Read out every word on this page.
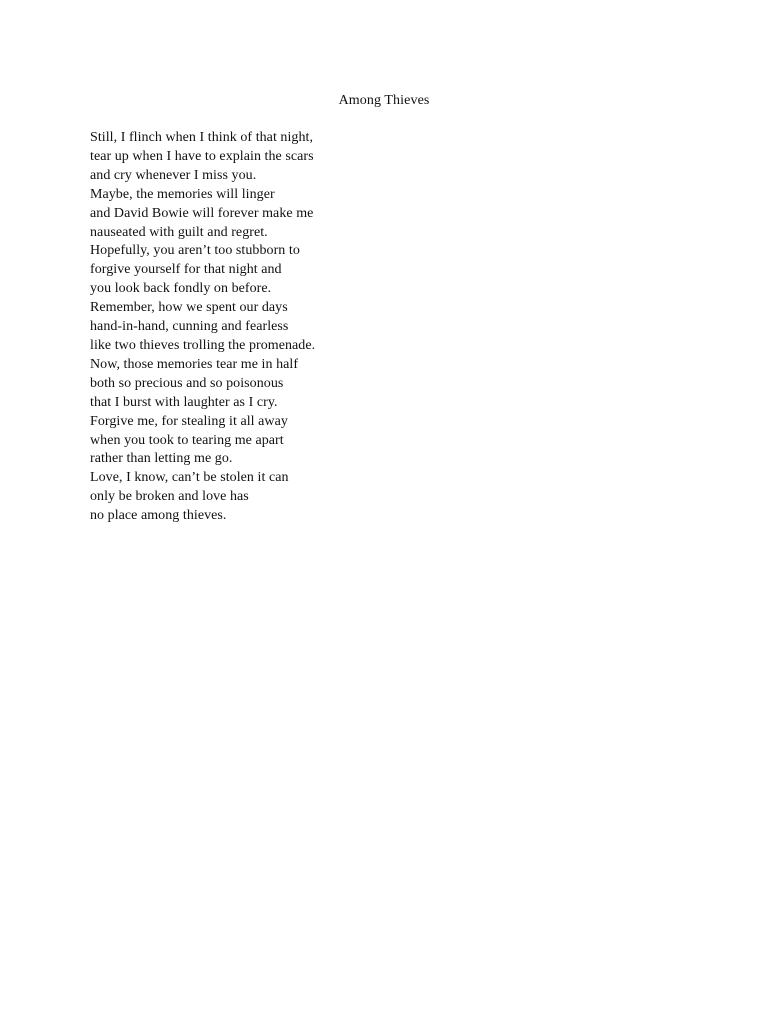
Among Thieves
Still, I flinch when I think of that night,
tear up when I have to explain the scars
and cry whenever I miss you.
Maybe, the memories will linger
and David Bowie will forever make me
nauseated with guilt and regret.
Hopefully, you aren’t too stubborn to
forgive yourself for that night and
you look back fondly on before.
Remember, how we spent our days
hand-in-hand, cunning and fearless
like two thieves trolling the promenade.
Now, those memories tear me in half
both so precious and so poisonous
that I burst with laughter as I cry.
Forgive me, for stealing it all away
when you took to tearing me apart
rather than letting me go.
Love, I know, can’t be stolen it can
only be broken and love has
no place among thieves.
